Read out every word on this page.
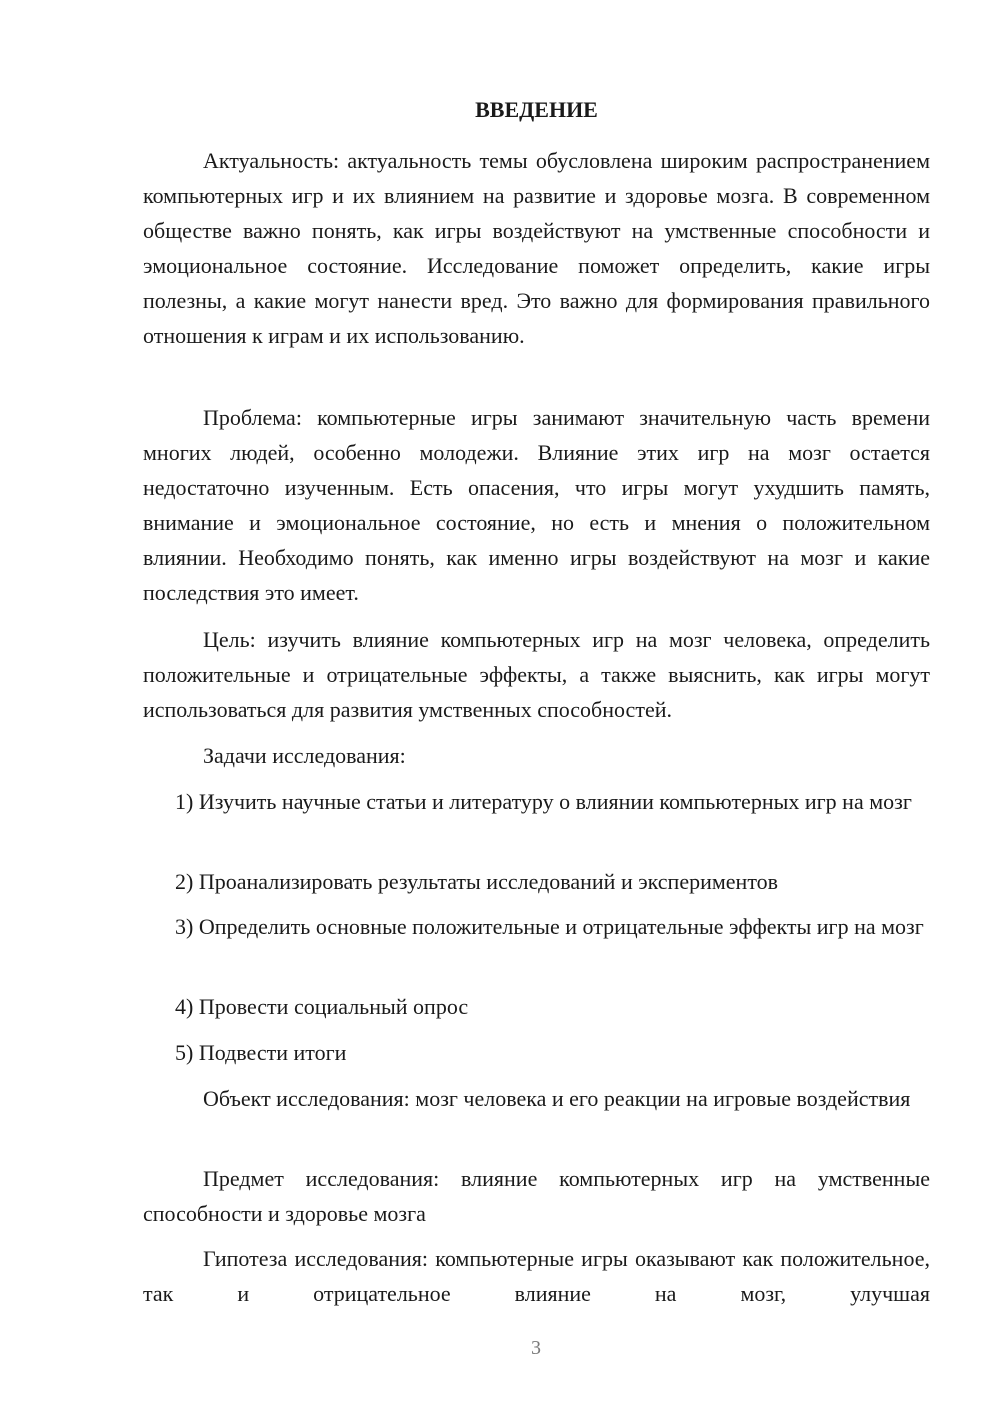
ВВЕДЕНИЕ

Актуальность: актуальность темы обусловлена широким распространением компьютерных игр и их влиянием на развитие и здоровье мозга. В современном обществе важно понять, как игры воздействуют на умственные способности и эмоциональное состояние. Исследование поможет определить, какие игры полезны, а какие могут нанести вред. Это важно для формирования правильного отношения к играм и их использованию.

Проблема: компьютерные игры занимают значительную часть времени многих людей, особенно молодежи. Влияние этих игр на мозг остается недостаточно изученным. Есть опасения, что игры могут ухудшить память, внимание и эмоциональное состояние, но есть и мнения о положительном влиянии. Необходимо понять, как именно игры воздействуют на мозг и какие последствия это имеет.

Цель: изучить влияние компьютерных игр на мозг человека, определить положительные и отрицательные эффекты, а также выяснить, как игры могут использоваться для развития умственных способностей.

Задачи исследования:

1) Изучить научные статьи и литературу о влиянии компьютерных игр на мозг

2) Проанализировать результаты исследований и экспериментов

3) Определить основные положительные и отрицательные эффекты игр на мозг

4) Провести социальный опрос

5) Подвести итоги

Объект исследования: мозг человека и его реакции на игровые воздействия

Предмет исследования: влияние компьютерных игр на умственные способности и здоровье мозга

Гипотеза исследования: компьютерные игры оказывают как положительное, так и отрицательное влияние на мозг, улучшая

3
